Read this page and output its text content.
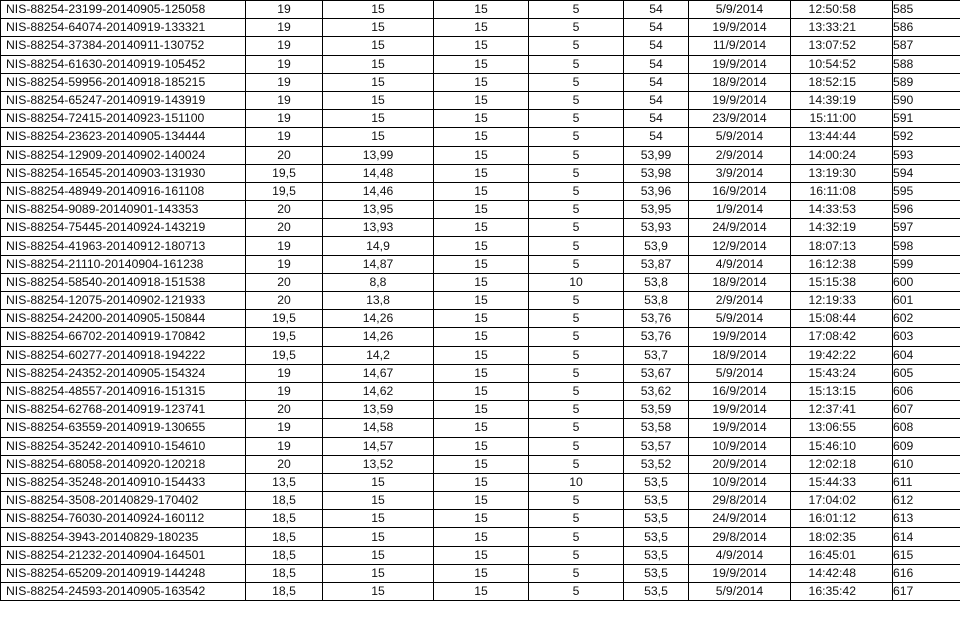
NIS-88254-23199-20140905-125058	19	15	15	5	54	5/9/2014	12:50:58	585
NIS-88254-64074-20140919-133321	19	15	15	5	54	19/9/2014	13:33:21	586
NIS-88254-37384-20140911-130752	19	15	15	5	54	11/9/2014	13:07:52	587
NIS-88254-61630-20140919-105452	19	15	15	5	54	19/9/2014	10:54:52	588
NIS-88254-59956-20140918-185215	19	15	15	5	54	18/9/2014	18:52:15	589
NIS-88254-65247-20140919-143919	19	15	15	5	54	19/9/2014	14:39:19	590
NIS-88254-72415-20140923-151100	19	15	15	5	54	23/9/2014	15:11:00	591
NIS-88254-23623-20140905-134444	19	15	15	5	54	5/9/2014	13:44:44	592
NIS-88254-12909-20140902-140024	20	13,99	15	5	53,99	2/9/2014	14:00:24	593
NIS-88254-16545-20140903-131930	19,5	14,48	15	5	53,98	3/9/2014	13:19:30	594
NIS-88254-48949-20140916-161108	19,5	14,46	15	5	53,96	16/9/2014	16:11:08	595
NIS-88254-9089-20140901-143353	20	13,95	15	5	53,95	1/9/2014	14:33:53	596
NIS-88254-75445-20140924-143219	20	13,93	15	5	53,93	24/9/2014	14:32:19	597
NIS-88254-41963-20140912-180713	19	14,9	15	5	53,9	12/9/2014	18:07:13	598
NIS-88254-21110-20140904-161238	19	14,87	15	5	53,87	4/9/2014	16:12:38	599
NIS-88254-58540-20140918-151538	20	8,8	15	10	53,8	18/9/2014	15:15:38	600
NIS-88254-12075-20140902-121933	20	13,8	15	5	53,8	2/9/2014	12:19:33	601
NIS-88254-24200-20140905-150844	19,5	14,26	15	5	53,76	5/9/2014	15:08:44	602
NIS-88254-66702-20140919-170842	19,5	14,26	15	5	53,76	19/9/2014	17:08:42	603
NIS-88254-60277-20140918-194222	19,5	14,2	15	5	53,7	18/9/2014	19:42:22	604
NIS-88254-24352-20140905-154324	19	14,67	15	5	53,67	5/9/2014	15:43:24	605
NIS-88254-48557-20140916-151315	19	14,62	15	5	53,62	16/9/2014	15:13:15	606
NIS-88254-62768-20140919-123741	20	13,59	15	5	53,59	19/9/2014	12:37:41	607
NIS-88254-63559-20140919-130655	19	14,58	15	5	53,58	19/9/2014	13:06:55	608
NIS-88254-35242-20140910-154610	19	14,57	15	5	53,57	10/9/2014	15:46:10	609
NIS-88254-68058-20140920-120218	20	13,52	15	5	53,52	20/9/2014	12:02:18	610
NIS-88254-35248-20140910-154433	13,5	15	15	10	53,5	10/9/2014	15:44:33	611
NIS-88254-3508-20140829-170402	18,5	15	15	5	53,5	29/8/2014	17:04:02	612
NIS-88254-76030-20140924-160112	18,5	15	15	5	53,5	24/9/2014	16:01:12	613
NIS-88254-3943-20140829-180235	18,5	15	15	5	53,5	29/8/2014	18:02:35	614
NIS-88254-21232-20140904-164501	18,5	15	15	5	53,5	4/9/2014	16:45:01	615
NIS-88254-65209-20140919-144248	18,5	15	15	5	53,5	19/9/2014	14:42:48	616
NIS-88254-24593-20140905-163542	18,5	15	15	5	53,5	5/9/2014	16:35:42	617
